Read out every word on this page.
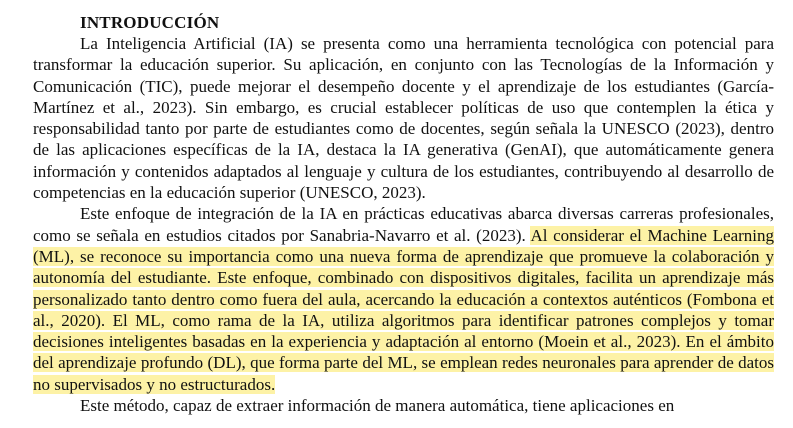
INTRODUCCIÓN

La Inteligencia Artificial (IA) se presenta como una herramienta tecnológica con potencial para transformar la educación superior. Su aplicación, en conjunto con las Tecnologías de la Información y Comunicación (TIC), puede mejorar el desempeño docente y el aprendizaje de los estudiantes (García-Martínez et al., 2023). Sin embargo, es crucial establecer políticas de uso que contemplen la ética y responsabilidad tanto por parte de estudiantes como de docentes, según señala la UNESCO (2023), dentro de las aplicaciones específicas de la IA, destaca la IA generativa (GenAI), que automáticamente genera información y contenidos adaptados al lenguaje y cultura de los estudiantes, contribuyendo al desarrollo de competencias en la educación superior (UNESCO, 2023).

Este enfoque de integración de la IA en prácticas educativas abarca diversas carreras profesionales, como se señala en estudios citados por Sanabria-Navarro et al. (2023). Al considerar el Machine Learning (ML), se reconoce su importancia como una nueva forma de aprendizaje que promueve la colaboración y autonomía del estudiante. Este enfoque, combinado con dispositivos digitales, facilita un aprendizaje más personalizado tanto dentro como fuera del aula, acercando la educación a contextos auténticos (Fombona et al., 2020). El ML, como rama de la IA, utiliza algoritmos para identificar patrones complejos y tomar decisiones inteligentes basadas en la experiencia y adaptación al entorno (Moein et al., 2023). En el ámbito del aprendizaje profundo (DL), que forma parte del ML, se emplean redes neuronales para aprender de datos no supervisados y no estructurados.

Este método, capaz de extraer información de manera automática, tiene aplicaciones en
